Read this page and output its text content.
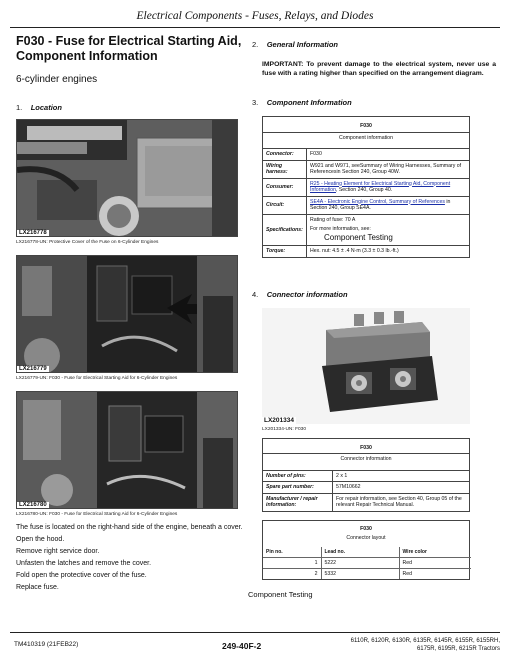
Electrical Components - Fuses, Relays, and Diodes
F030 - Fuse for Electrical Starting Aid, Component Information
6-cylinder engines
1. Location
LX216778
LX216778-UN: Protective Cover of the Fuse on 6-Cylinder Engines
LX216779
LX216779-UN: F030 - Fuse for Electrical Starting Aid for 6-Cylinder Engines
LX216780
LX216780-UN: F030 - Fuse for Electrical Starting Aid for 6-Cylinder Engines

The fuse is located on the right-hand side of the engine, beneath a cover.

Open the hood.

Remove right service door.

Unfasten the latches and remove the cover.

Fold open the protective cover of the fuse.

Replace fuse.

2. General Information
IMPORTANT: To prevent damage to the electrical system, never use a fuse with a rating higher than specified on the arrangement diagram.
3. Component Information
F030	
Component information	
Connector:	F030
Wiring harness:	W921 and W971, seeSummary of Wiring Harnesses, Summary of Referencesin Section 240, Group 40W.
Consumer:	R25 - Heating Element for Electrical Starting Aid, Component Information, Section 240, Group 40.
Circuit:	SE4A - Electronic Engine Control, Summary of References in Section 240, Group SE4A.
Specifications:	Rating of fuse: 70 A
For more information, see:
Component Testing

Torque:	Hex. nut: 4.5 ± .4 N·m (3.3 ± 0.3 lb.-ft.)
4. Connector information
LX201334
LX201334-UN: F030
F030	
Connector information	
Number of pins:	2 x 1
Spare part number:	57M10662
Manufacturer / repair information:	For repair information, see Section 40, Group 05 of the relevant Repair Technical Manual.
F030
Connector layout
Pin no.	Lead no.	Wire color
1	5222	Red
2	5332	Red
Component Testing
TM410319 (21FEB22)	249-40F-2	6110R, 6120R, 6130R, 6135R, 6145R, 6155R, 6155RH,
6175R, 6195R, 6215R Tractors
